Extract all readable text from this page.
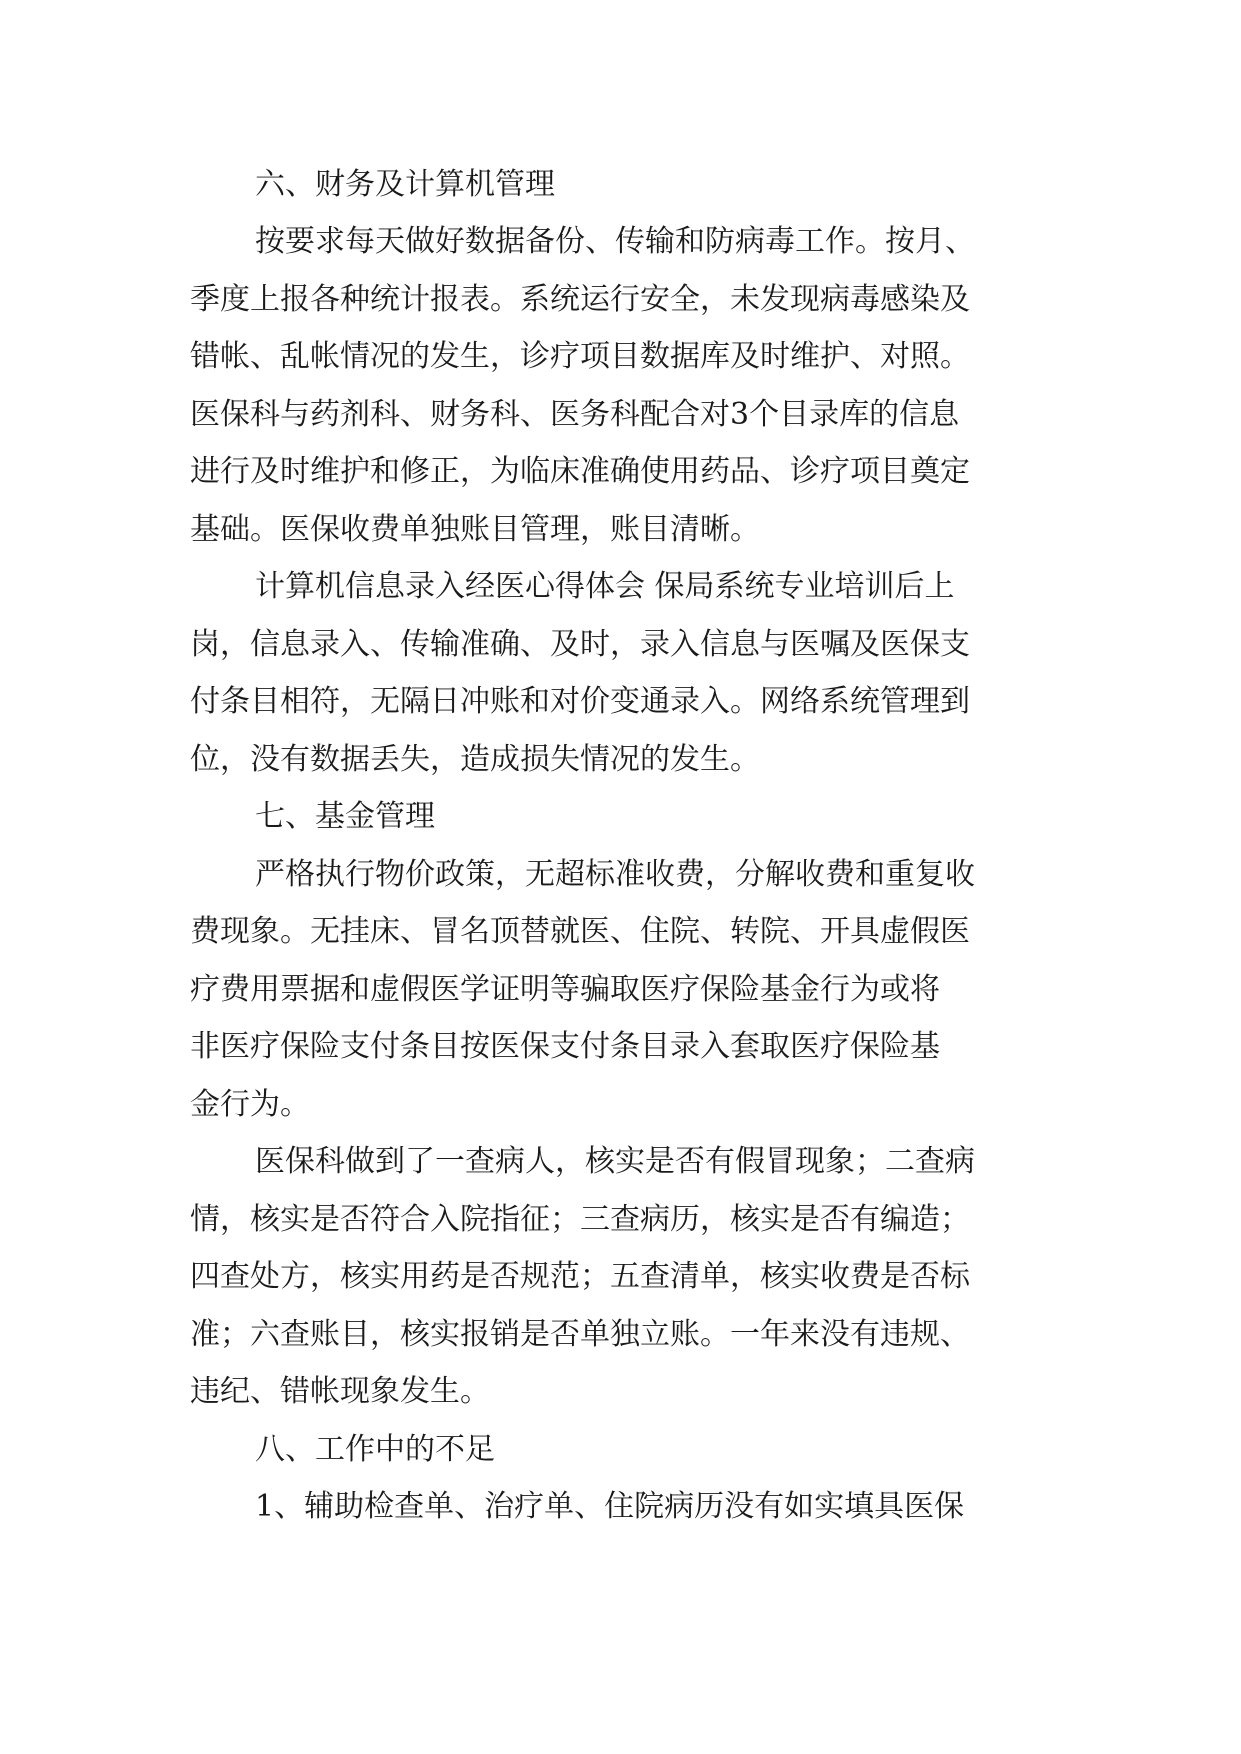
六、财务及计算机管理
按要求每天做好数据备份、传输和防病毒工作。按月、
季度上报各种统计报表。系统运行安全，未发现病毒感染及
错帐、乱帐情况的发生，诊疗项目数据库及时维护、对照。
医保科与药剂科、财务科、医务科配合对3个目录库的信息
进行及时维护和修正，为临床准确使用药品、诊疗项目奠定
基础。医保收费单独账目管理，账目清晰。
计算机信息录入经医心得体会 保局系统专业培训后上
岗，信息录入、传输准确、及时，录入信息与医嘱及医保支
付条目相符，无隔日冲账和对价变通录入。网络系统管理到
位，没有数据丢失，造成损失情况的发生。
七、基金管理
严格执行物价政策，无超标准收费，分解收费和重复收
费现象。无挂床、冒名顶替就医、住院、转院、开具虚假医
疗费用票据和虚假医学证明等骗取医疗保险基金行为或将
非医疗保险支付条目按医保支付条目录入套取医疗保险基
金行为。
医保科做到了一查病人，核实是否有假冒现象；二查病
情，核实是否符合入院指征；三查病历，核实是否有编造；
四查处方，核实用药是否规范；五查清单，核实收费是否标
准；六查账目，核实报销是否单独立账。一年来没有违规、
违纪、错帐现象发生。
八、工作中的不足
1、辅助检查单、治疗单、住院病历没有如实填具医保
